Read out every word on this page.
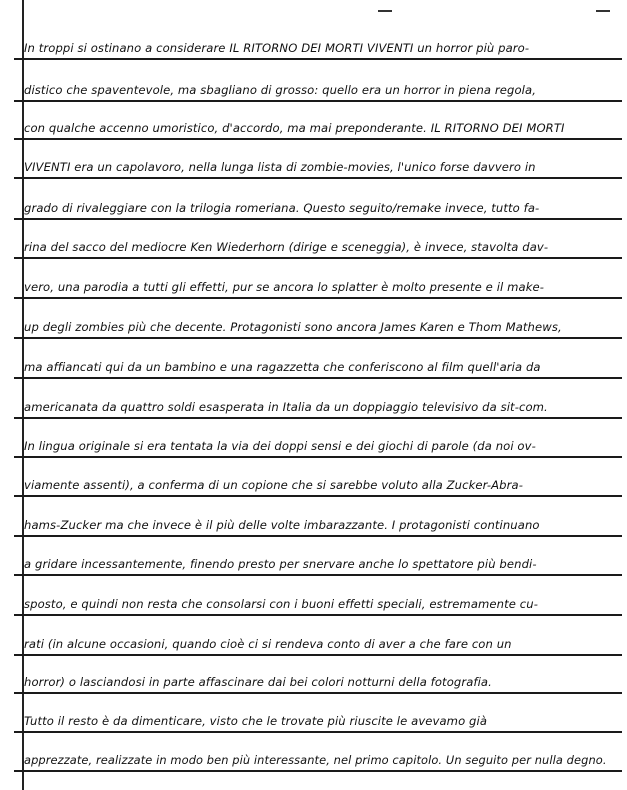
In troppi si ostinano a considerare IL RITORNO DEI MORTI VIVENTI un horror più paro-
distico che spaventevole, ma sbagliano di grosso: quello era un horror in piena regola,
con qualche accenno umoristico, d'accordo, ma mai preponderante. IL RITORNO DEI MORTI
VIVENTI era un capolavoro, nella lunga lista di zombie-movies, l'unico forse davvero in
grado di rivaleggiare con la trilogia romeriana. Questo seguito/remake invece, tutto fa-
rina del sacco del mediocre Ken Wiederhorn (dirige e sceneggia), è invece, stavolta dav-
vero, una parodia a tutti gli effetti, pur se ancora lo splatter è molto presente e il make-
up degli zombies più che decente. Protagonisti sono ancora James Karen e Thom Mathews,
ma affiancati qui da un bambino e una ragazzetta che conferiscono al film quell'aria da
americanata da quattro soldi esasperata in Italia da un doppiaggio televisivo da sit-com.
In lingua originale si era tentata la via dei doppi sensi e dei giochi di parole (da noi ov-
viamente assenti), a conferma di un copione che si sarebbe voluto alla Zucker-Abra-
hams-Zucker ma che invece è il più delle volte imbarazzante. I protagonisti continuano
a gridare incessantemente, finendo presto per snervare anche lo spettatore più bendi-
sposto, e quindi non resta che consolarsi con i buoni effetti speciali, estremamente cu-
rati (in alcune occasioni, quando cioè ci si rendeva conto di aver a che fare con un
horror) o lasciandosi in parte affascinare dai bei colori notturni della fotografia.
Tutto il resto è da dimenticare, visto che le trovate più riuscite le avevamo già
apprezzate, realizzate in modo ben più interessante, nel primo capitolo. Un seguito per nulla degno.
